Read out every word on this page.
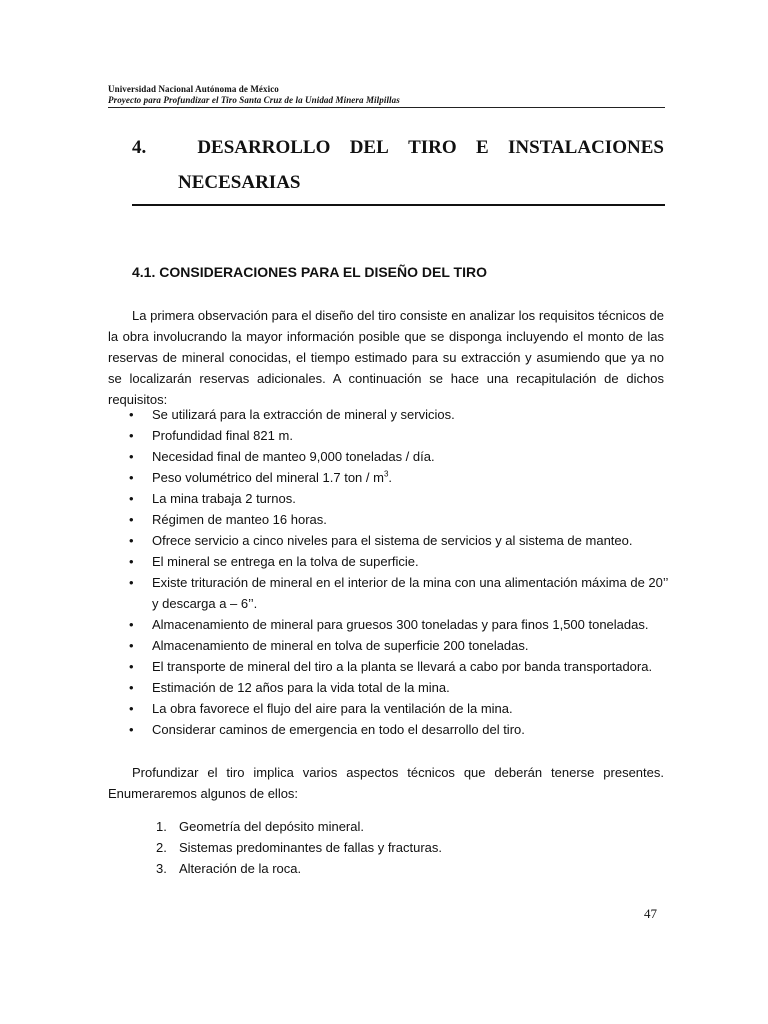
Universidad Nacional Autónoma de México
Proyecto para Profundizar el Tiro Santa Cruz de la Unidad Minera Milpillas
4.	DESARROLLO DEL TIRO E INSTALACIONES
NECESARIAS
4.1. CONSIDERACIONES PARA EL DISEÑO DEL TIRO
La primera observación para el diseño del tiro consiste en analizar los requisitos técnicos de la obra involucrando la mayor información posible que se disponga incluyendo el monto de las reservas de mineral conocidas, el tiempo estimado para su extracción y asumiendo que ya no se localizarán reservas adicionales. A continuación se hace una recapitulación de dichos requisitos:
• Se utilizará para la extracción de mineral y servicios.
• Profundidad final 821 m.
• Necesidad final de manteo 9,000 toneladas / día.
• Peso volumétrico del mineral 1.7 ton / $m^3$.
• La mina trabaja 2 turnos.
• Régimen de manteo 16 horas.
• Ofrece servicio a cinco niveles para el sistema de servicios y al sistema de manteo.
• El mineral se entrega en la tolva de superficie.
• Existe trituración de mineral en el interior de la mina con una alimentación máxima de 20’’ y descarga a – 6’’.
• Almacenamiento de mineral para gruesos 300 toneladas y para finos 1,500 toneladas.
• Almacenamiento de mineral en tolva de superficie 200 toneladas.
• El transporte de mineral del tiro a la planta se llevará a cabo por banda transportadora.
• Estimación de 12 años para la vida total de la mina.
• La obra favorece el flujo del aire para la ventilación de la mina.
• Considerar caminos de emergencia en todo el desarrollo del tiro.
Profundizar el tiro implica varios aspectos técnicos que deberán tenerse presentes. Enumeraremos algunos de ellos:
1. Geometría del depósito mineral.
2. Sistemas predominantes de fallas y fracturas.
3. Alteración de la roca.
47
